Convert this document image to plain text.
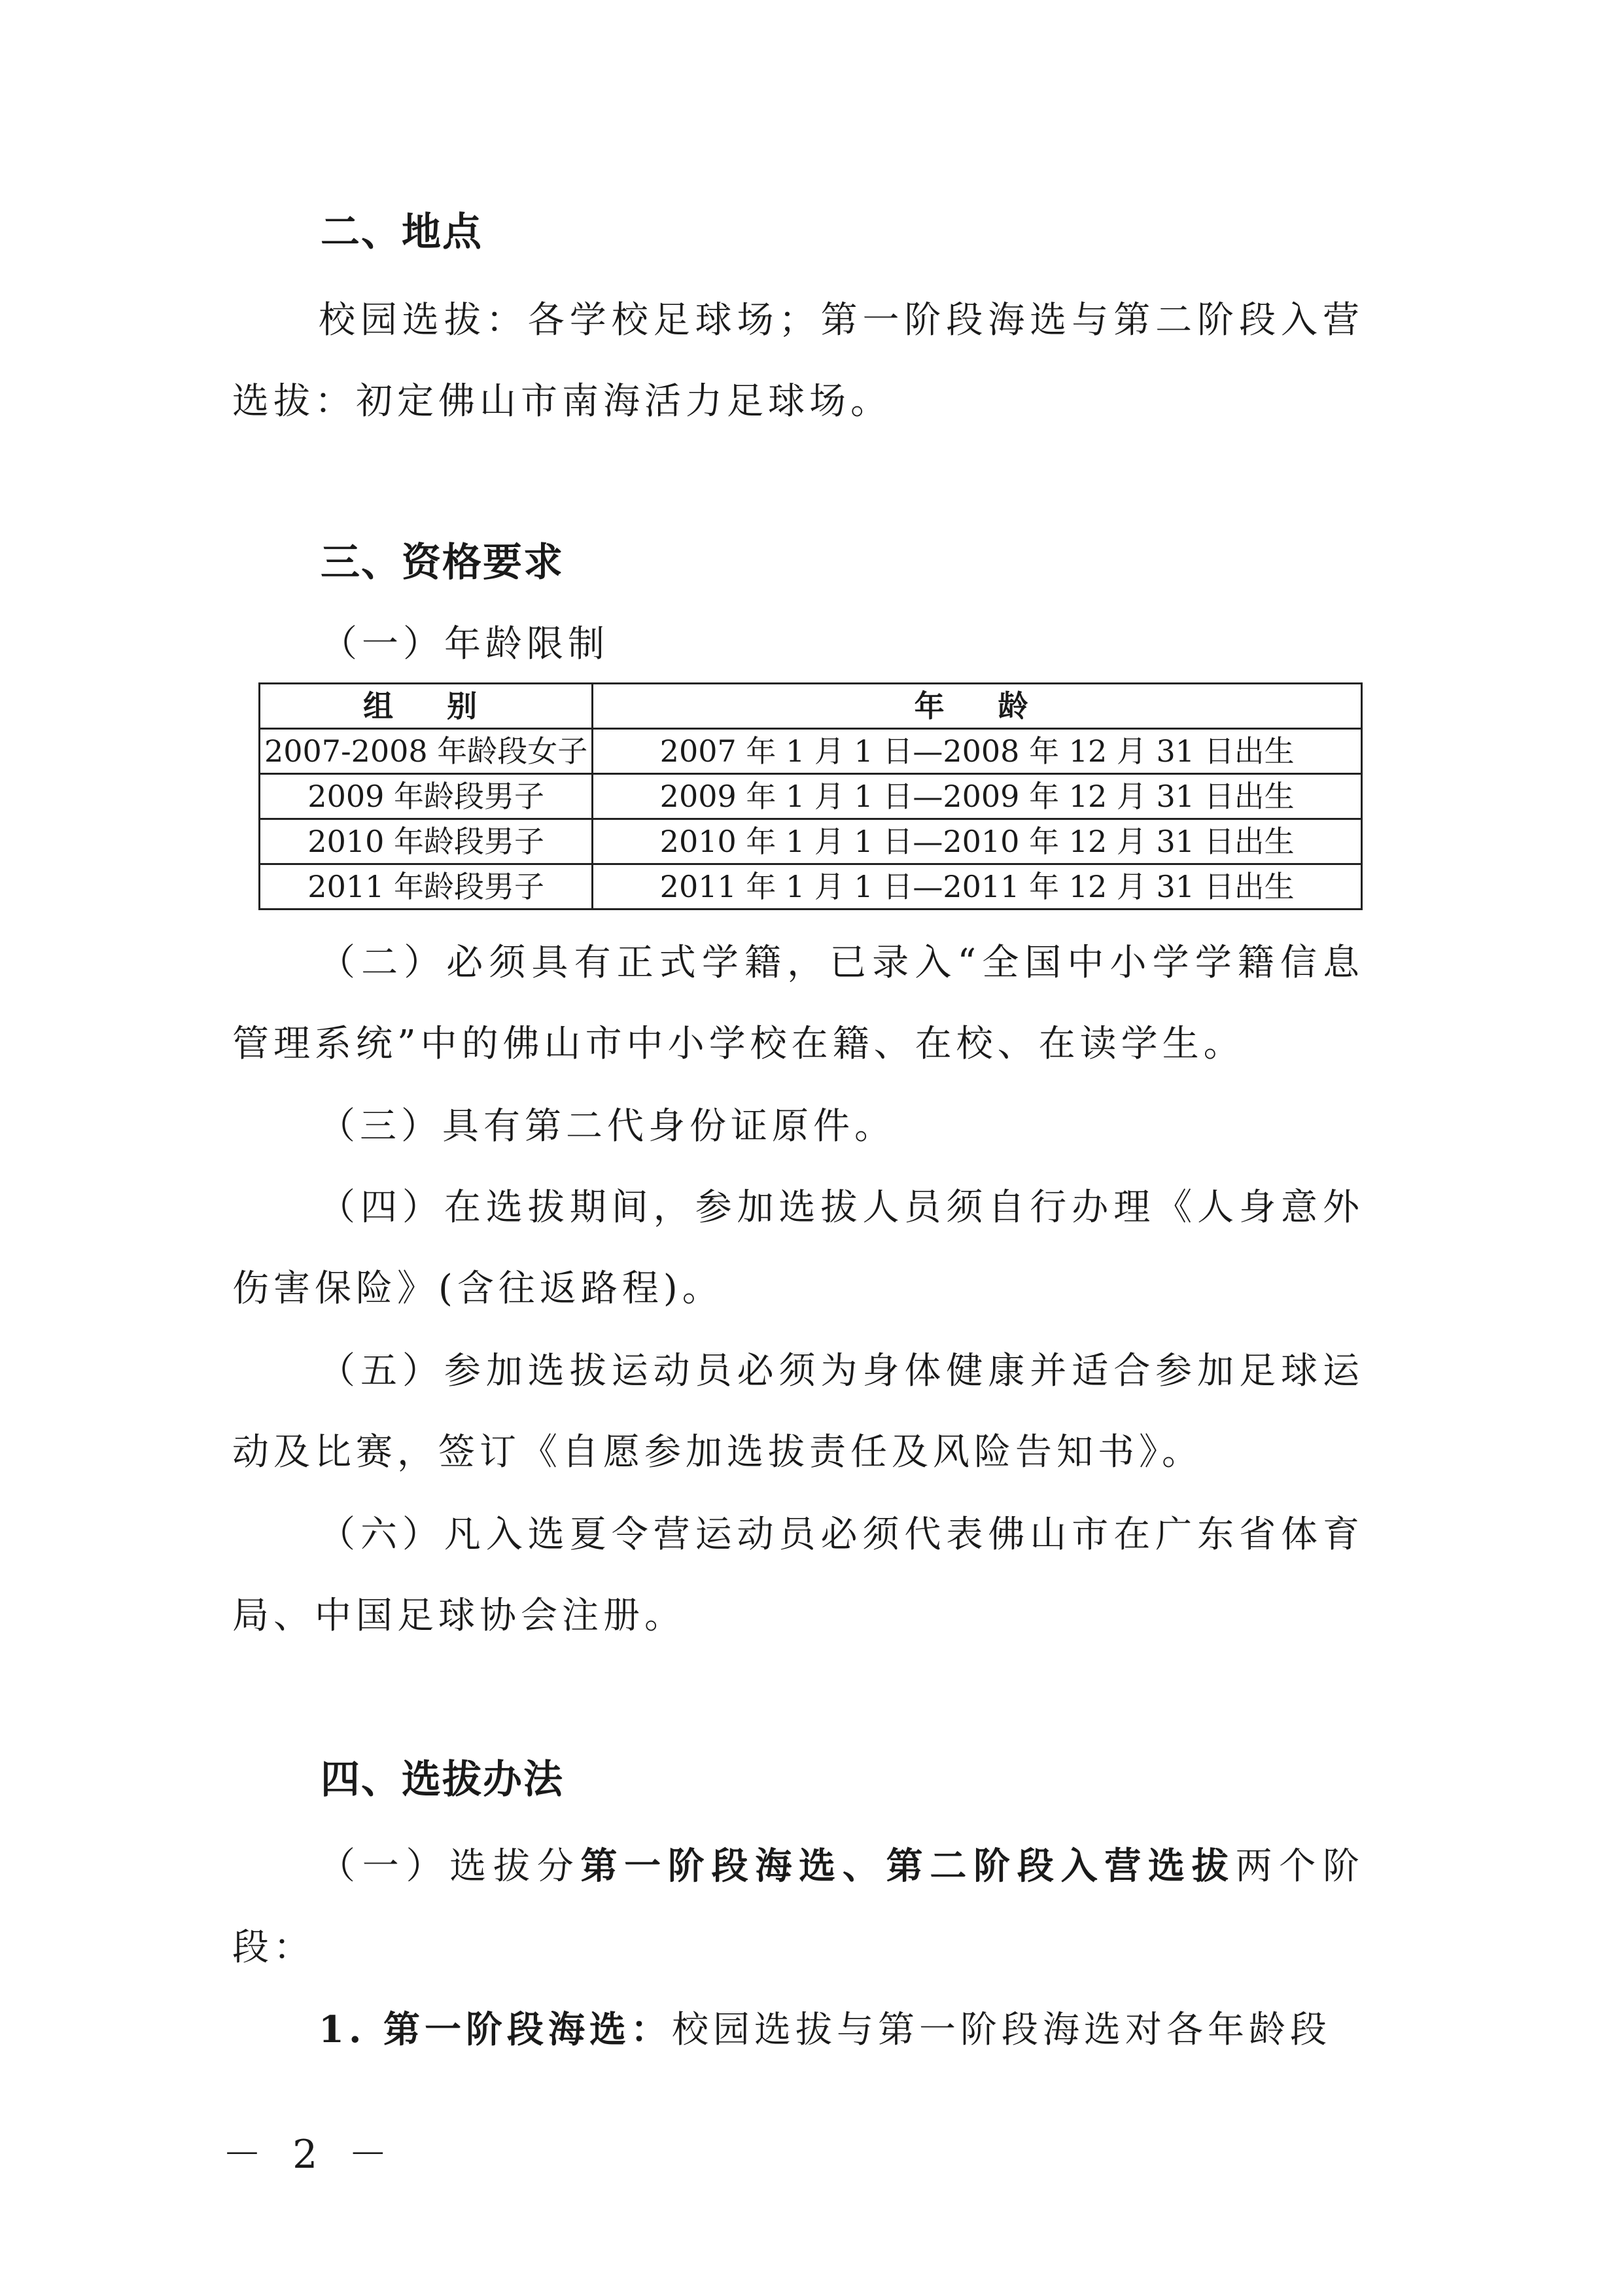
二、地点
校园选拔：各学校足球场；第一阶段海选与第二阶段入营选拔：初定佛山市南海活力足球场。
三、资格要求
（一）年龄限制
组　别	年　龄
2007-2008 年龄段女子	2007 年 1 月 1 日—2008 年 12 月 31 日出生
2009 年龄段男子	2009 年 1 月 1 日—2009 年 12 月 31 日出生
2010 年龄段男子	2010 年 1 月 1 日—2010 年 12 月 31 日出生
2011 年龄段男子	2011 年 1 月 1 日—2011 年 12 月 31 日出生
（二）必须具有正式学籍，已录入“全国中小学学籍信息管理系统”中的佛山市中小学校在籍、在校、在读学生。
（三）具有第二代身份证原件。
（四）在选拔期间，参加选拔人员须自行办理《人身意外伤害保险》(含往返路程)。
（五）参加选拔运动员必须为身体健康并适合参加足球运动及比赛，签订《自愿参加选拔责任及风险告知书》。
（六）凡入选夏令营运动员必须代表佛山市在广东省体育局、中国足球协会注册。
四、选拔办法
（一）选拔分第一阶段海选、第二阶段入营选拔两个阶段：
1. 第一阶段海选：校园选拔与第一阶段海选对各年龄段
－ 2 －
